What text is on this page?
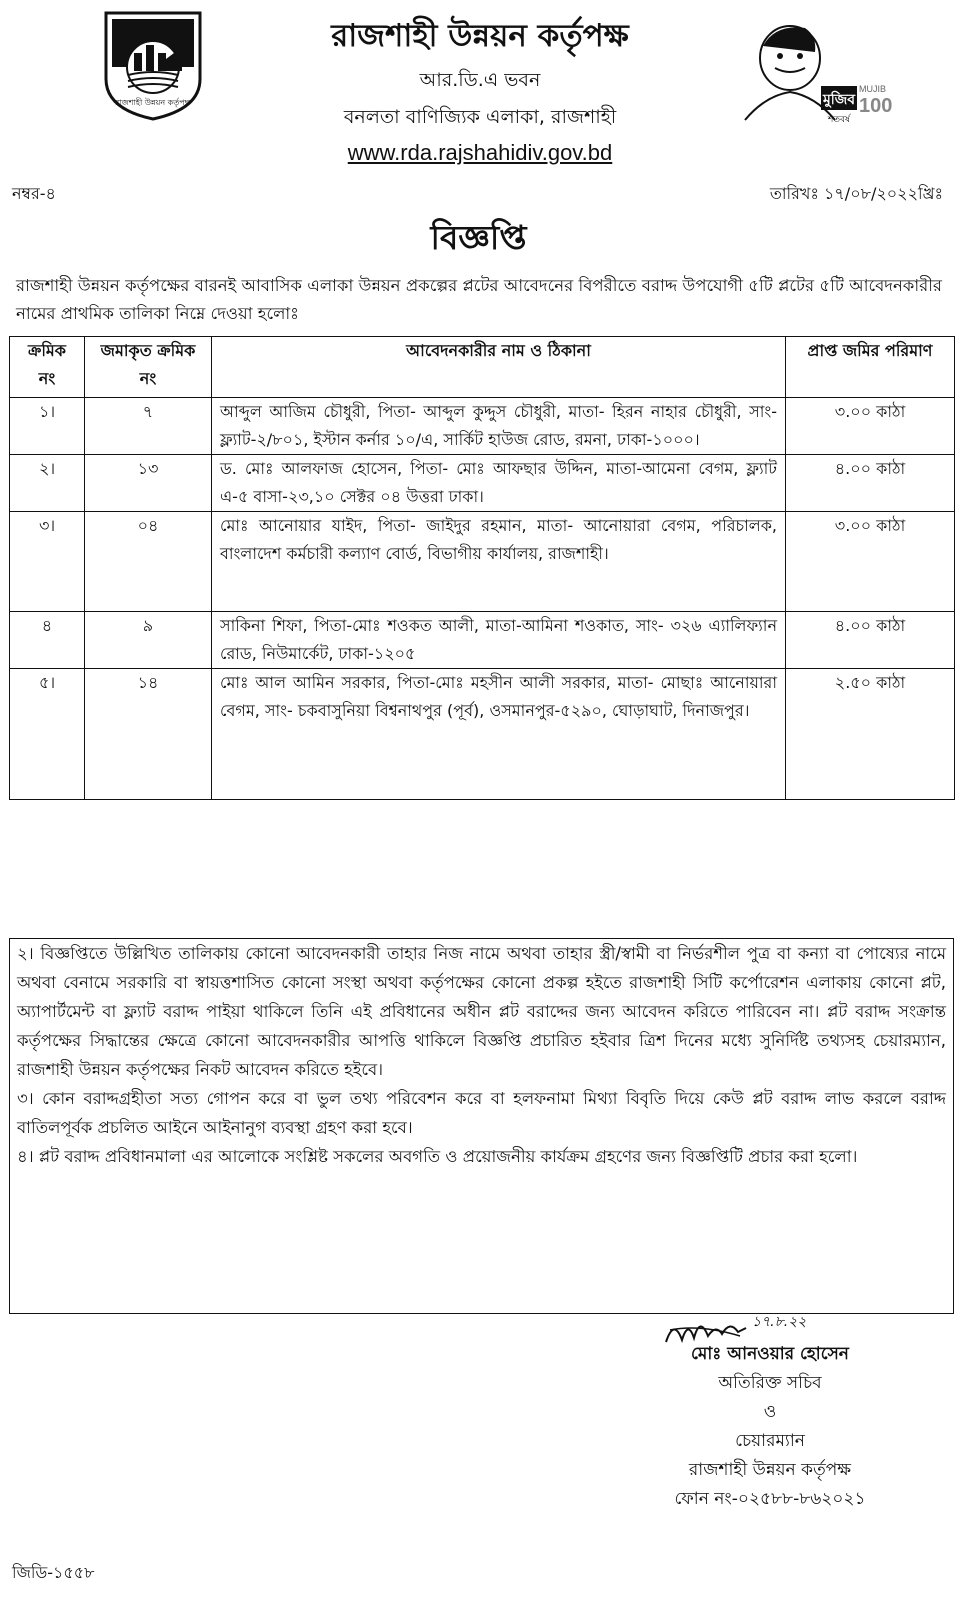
রাজশাহী উন্নয়ন কর্তৃপক্ষ	মুজিব
MUJIB
100
শতবর্ষ
রাজশাহী উন্নয়ন কর্তৃপক্ষ
আর.ডি.এ ভবন
বনলতা বাণিজ্যিক এলাকা, রাজশাহী
www.rda.rajshahidiv.gov.bd
নম্বর-৪	তারিখঃ ১৭/০৮/২০২২খ্রিঃ
বিজ্ঞপ্তি
রাজশাহী উন্নয়ন কর্তৃপক্ষের বারনই আবাসিক এলাকা উন্নয়ন প্রকল্পের প্লটের আবেদনের বিপরীতে বরাদ্দ উপযোগী ৫টি প্লটের ৫টি আবেদনকারীর নামের প্রাথমিক তালিকা নিম্নে দেওয়া হলোঃ
ক্রমিক নং	জমাকৃত ক্রমিক নং	আবেদনকারীর নাম ও ঠিকানা	প্রাপ্ত জমির পরিমাণ
১।	৭	আব্দুল আজিম চৌধুরী, পিতা- আব্দুল কুদ্দুস চৌধুরী, মাতা- হিরন নাহার চৌধুরী, সাং- ফ্ল্যাট-২/৮০১, ইস্টান কর্নার ১০/এ, সার্কিট হাউজ রোড, রমনা, ঢাকা-১০০০।	৩.০০ কাঠা
২।	১৩	ড. মোঃ আলফাজ হোসেন, পিতা- মোঃ আফছার উদ্দিন, মাতা-আমেনা বেগম, ফ্ল্যাট এ-৫ বাসা-২৩,১০ সেক্টর ০৪ উত্তরা ঢাকা।	৪.০০ কাঠা
৩।	০৪	মোঃ আনোয়ার যাইদ, পিতা- জাইদুর রহমান, মাতা- আনোয়ারা বেগম, পরিচালক, বাংলাদেশ কর্মচারী কল্যাণ বোর্ড, বিভাগীয় কার্যালয়, রাজশাহী।	৩.০০ কাঠা
৪	৯	সাকিনা শিফা, পিতা-মোঃ শওকত আলী, মাতা-আমিনা শওকাত, সাং- ৩২৬ এ্যালিফ্যান রোড, নিউমার্কেট, ঢাকা-১২০৫	৪.০০ কাঠা
৫।	১৪	মোঃ আল আমিন সরকার, পিতা-মোঃ মহসীন আলী সরকার, মাতা- মোছাঃ আনোয়ারা বেগম, সাং- চকবাসুনিয়া বিশ্বনাথপুর (পূর্ব), ওসমানপুর-৫২৯০, ঘোড়াঘাট, দিনাজপুর।	২.৫০ কাঠা

২। বিজ্ঞপ্তিতে উল্লিখিত তালিকায় কোনো আবেদনকারী তাহার নিজ নামে অথবা তাহার স্ত্রী/স্বামী বা নির্ভরশীল পুত্র বা কন্যা বা পোষ্যের নামে অথবা বেনামে সরকারি বা স্বায়ত্তশাসিত কোনো সংস্থা অথবা কর্তৃপক্ষের কোনো প্রকল্প হইতে রাজশাহী সিটি কর্পোরেশন এলাকায় কোনো প্লট, অ্যাপার্টমেন্ট বা ফ্ল্যাট বরাদ্দ পাইয়া থাকিলে তিনি এই প্রবিধানের অধীন প্লট বরাদ্দের জন্য আবেদন করিতে পারিবেন না। প্লট বরাদ্দ সংক্রান্ত কর্তৃপক্ষের সিদ্ধান্তের ক্ষেত্রে কোনো আবেদনকারীর আপত্তি থাকিলে বিজ্ঞপ্তি প্রচারিত হইবার ত্রিশ দিনের মধ্যে সুনির্দিষ্ট তথ্যসহ চেয়ারম্যান, রাজশাহী উন্নয়ন কর্তৃপক্ষের নিকট আবেদন করিতে হইবে।

৩। কোন বরাদ্দগ্রহীতা সত্য গোপন করে বা ভুল তথ্য পরিবেশন করে বা হলফনামা মিথ্যা বিবৃতি দিয়ে কেউ প্লট বরাদ্দ লাভ করলে বরাদ্দ বাতিলপূর্বক প্রচলিত আইনে আইনানুগ ব্যবস্থা গ্রহণ করা হবে।

৪। প্লট বরাদ্দ প্রবিধানমালা এর আলোকে সংশ্লিষ্ট সকলের অবগতি ও প্রয়োজনীয় কার্যক্রম গ্রহণের জন্য বিজ্ঞপ্তিটি প্রচার করা হলো।

১৭.৮.২২
মোঃ আনওয়ার হোসেন
অতিরিক্ত সচিব
ও
চেয়ারম্যান
রাজশাহী উন্নয়ন কর্তৃপক্ষ
ফোন নং-০২৫৮৮-৮৬২০২১
জিডি-১৫৫৮
